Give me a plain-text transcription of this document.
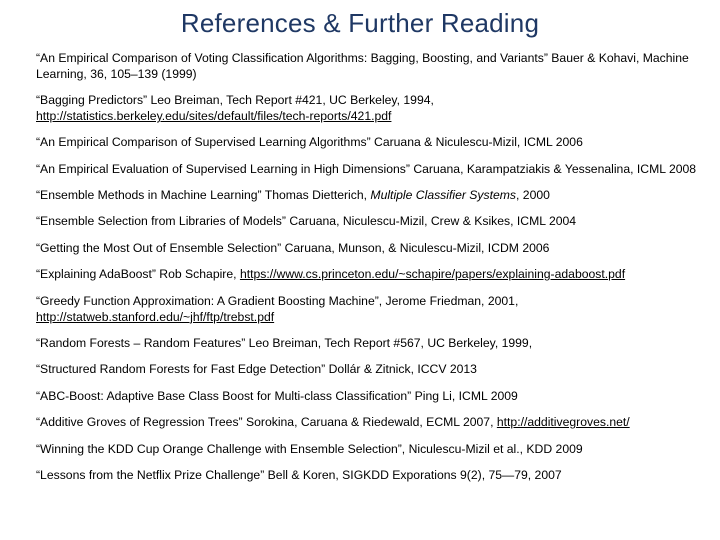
References & Further Reading

“An Empirical Comparison of Voting Classification Algorithms: Bagging, Boosting, and Variants” Bauer & Kohavi, Machine Learning, 36, 105–139 (1999)

“Bagging Predictors” Leo Breiman, Tech Report #421, UC Berkeley, 1994,
http://statistics.berkeley.edu/sites/default/files/tech-reports/421.pdf

“An Empirical Comparison of Supervised Learning Algorithms” Caruana & Niculescu-Mizil, ICML 2006

“An Empirical Evaluation of Supervised Learning in High Dimensions” Caruana, Karampatziakis & Yessenalina, ICML 2008

“Ensemble Methods in Machine Learning” Thomas Dietterich, Multiple Classifier Systems, 2000

“Ensemble Selection from Libraries of Models” Caruana, Niculescu-Mizil, Crew & Ksikes, ICML 2004

“Getting the Most Out of Ensemble Selection” Caruana, Munson, & Niculescu-Mizil, ICDM 2006

“Explaining AdaBoost” Rob Schapire, https://www.cs.princeton.edu/~schapire/papers/explaining-adaboost.pdf

“Greedy Function Approximation: A Gradient Boosting Machine”, Jerome Friedman, 2001,
http://statweb.stanford.edu/~jhf/ftp/trebst.pdf

“Random Forests – Random Features” Leo Breiman, Tech Report #567, UC Berkeley, 1999,

“Structured Random Forests for Fast Edge Detection” Dollár & Zitnick, ICCV 2013

“ABC-Boost: Adaptive Base Class Boost for Multi-class Classification” Ping Li, ICML 2009

“Additive Groves of Regression Trees” Sorokina, Caruana & Riedewald, ECML 2007, http://additivegroves.net/

“Winning the KDD Cup Orange Challenge with Ensemble Selection”, Niculescu-Mizil et al., KDD 2009

“Lessons from the Netflix Prize Challenge” Bell & Koren, SIGKDD Exporations 9(2), 75—79, 2007
